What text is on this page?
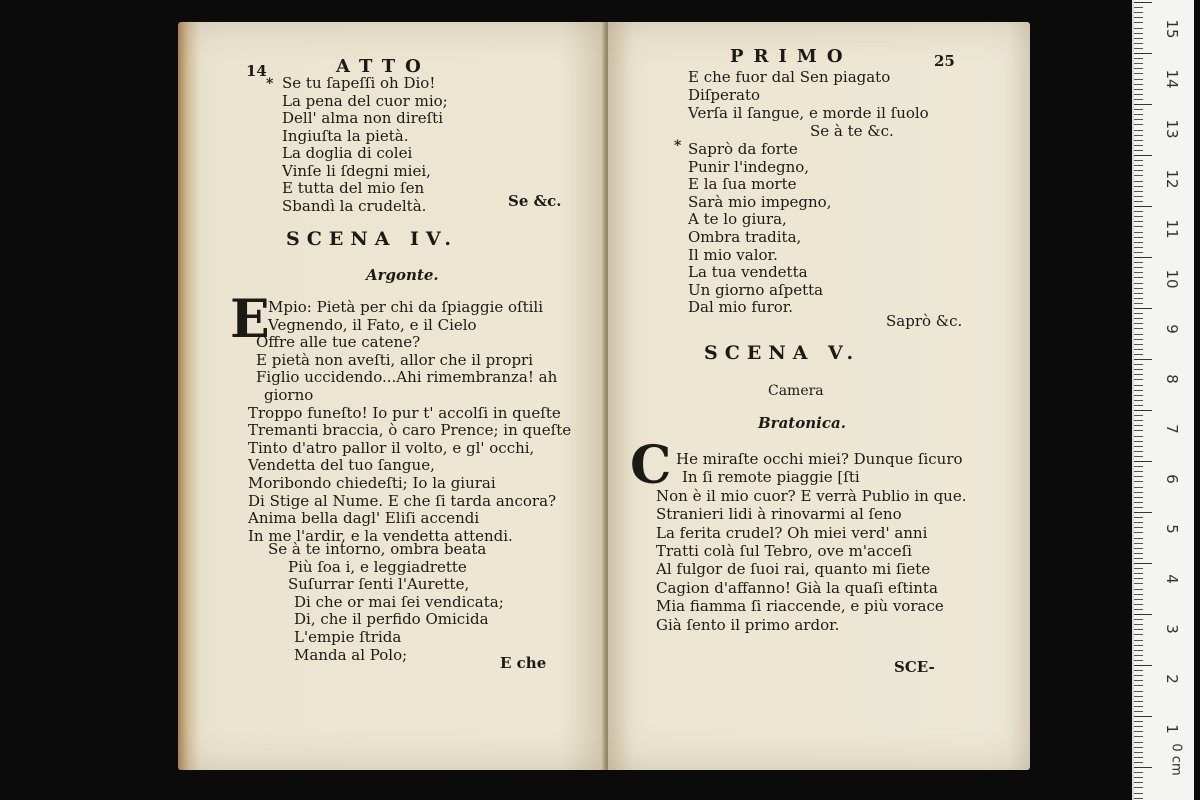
14	ATTO
* Se tu ſapeſſi oh Dio!
La pena del cuor mio;
Dell' alma non direſti
Ingiuſta la pietà.
La doglia di colei
Vinſe li ſdegni miei,
E tutta del mio ſen
Sbandì la crudeltà.	Se &c.
SCENA IV.
Argonte.
E
Mpio: Pietà per chi da ſpiaggie oſtili
Vegnendo, il Fato, e il Cielo
Offre alle tue catene?
E pietà non aveſti, allor che il propri
Figlio uccidendo...Ahi rimembranza! ah
giorno
Troppo funeſto! Io pur t' accolſi in queſte
Tremanti braccia, ò caro Prence; in queſte
Tinto d'atro pallor il volto, e gl' occhi,
Vendetta del tuo ſangue,
Moribondo chiedeſti; Io la giurai
Di Stige al Nume. E che ſi tarda ancora?
Anima bella dagl' Eliſi accendi
In me l'ardir, e la vendetta attendi.
Se à te intorno, ombra beata
Più ſoa i, e leggiadrette
Suſurrar ſenti l'Aurette,
Di che or mai ſei vendicata;
Di, che il perfido Omicida
L'empie ſtrida
Manda al Polo;	E che
PRIMO	25
E che fuor dal Sen piagato
Diſperato
Verſa il ſangue, e morde il ſuolo
Se à te &c.
* Saprò da forte
Punir l'indegno,
E la ſua morte
Sarà mio impegno,
A te lo giura,
Ombra tradita,
Il mio valor.
La tua vendetta
Un giorno aſpetta
Dal mio furor.
Saprò &c.
SCENA V.
Camera
Bratonica.
C He miraſte occhi miei? Dunque ſicuro
In ſi remote piaggie [ſti
Non è il mio cuor? E verrà Publio in que.
Stranieri lidi à rinovarmi al ſeno
La ferita crudel? Oh miei verd' anni
Tratti colà ſul Tebro, ove m'acceſi
Al fulgor de ſuoi rai, quanto mi ſiete
Cagion d'affanno! Già la quaſi eſtinta
Mia fiamma ſi riaccende, e più vorace
Già ſento il primo ardor.
SCE-
0 cm
15
14
13
12
11
10
9
8
7
6
5
4
3
2
1
